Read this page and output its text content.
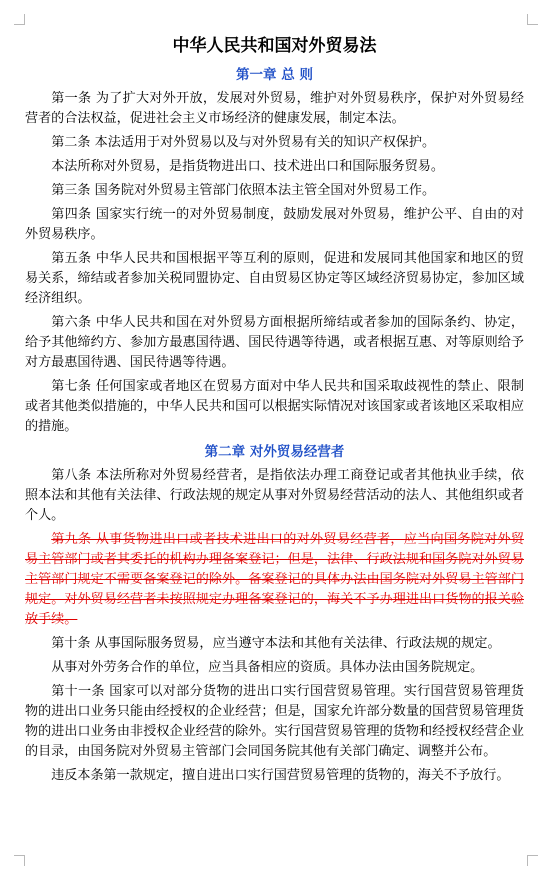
中华人民共和国对外贸易法
第一章 总 则

第一条 为了扩大对外开放，发展对外贸易，维护对外贸易秩序，保护对外贸易经营者的合法权益，促进社会主义市场经济的健康发展，制定本法。

第二条 本法适用于对外贸易以及与对外贸易有关的知识产权保护。

本法所称对外贸易，是指货物进出口、技术进出口和国际服务贸易。

第三条 国务院对外贸易主管部门依照本法主管全国对外贸易工作。

第四条 国家实行统一的对外贸易制度，鼓励发展对外贸易，维护公平、自由的对外贸易秩序。

第五条 中华人民共和国根据平等互利的原则，促进和发展同其他国家和地区的贸易关系，缔结或者参加关税同盟协定、自由贸易区协定等区域经济贸易协定，参加区域经济组织。

第六条 中华人民共和国在对外贸易方面根据所缔结或者参加的国际条约、协定，给予其他缔约方、参加方最惠国待遇、国民待遇等待遇，或者根据互惠、对等原则给予对方最惠国待遇、国民待遇等待遇。

第七条 任何国家或者地区在贸易方面对中华人民共和国采取歧视性的禁止、限制或者其他类似措施的，中华人民共和国可以根据实际情况对该国家或者该地区采取相应的措施。

第二章 对外贸易经营者

第八条 本法所称对外贸易经营者，是指依法办理工商登记或者其他执业手续，依照本法和其他有关法律、行政法规的规定从事对外贸易经营活动的法人、其他组织或者个人。

第九条 从事货物进出口或者技术进出口的对外贸易经营者，应当向国务院对外贸易主管部门或者其委托的机构办理备案登记；但是，法律、行政法规和国务院对外贸易主管部门规定不需要备案登记的除外。备案登记的具体办法由国务院对外贸易主管部门规定。对外贸易经营者未按照规定办理备案登记的，海关不予办理进出口货物的报关验放手续。

第十条 从事国际服务贸易，应当遵守本法和其他有关法律、行政法规的规定。

从事对外劳务合作的单位，应当具备相应的资质。具体办法由国务院规定。

第十一条 国家可以对部分货物的进出口实行国营贸易管理。实行国营贸易管理货物的进出口业务只能由经授权的企业经营；但是，国家允许部分数量的国营贸易管理货物的进出口业务由非授权企业经营的除外。实行国营贸易管理的货物和经授权经营企业的目录，由国务院对外贸易主管部门会同国务院其他有关部门确定、调整并公布。

违反本条第一款规定，擅自进出口实行国营贸易管理的货物的，海关不予放行。
